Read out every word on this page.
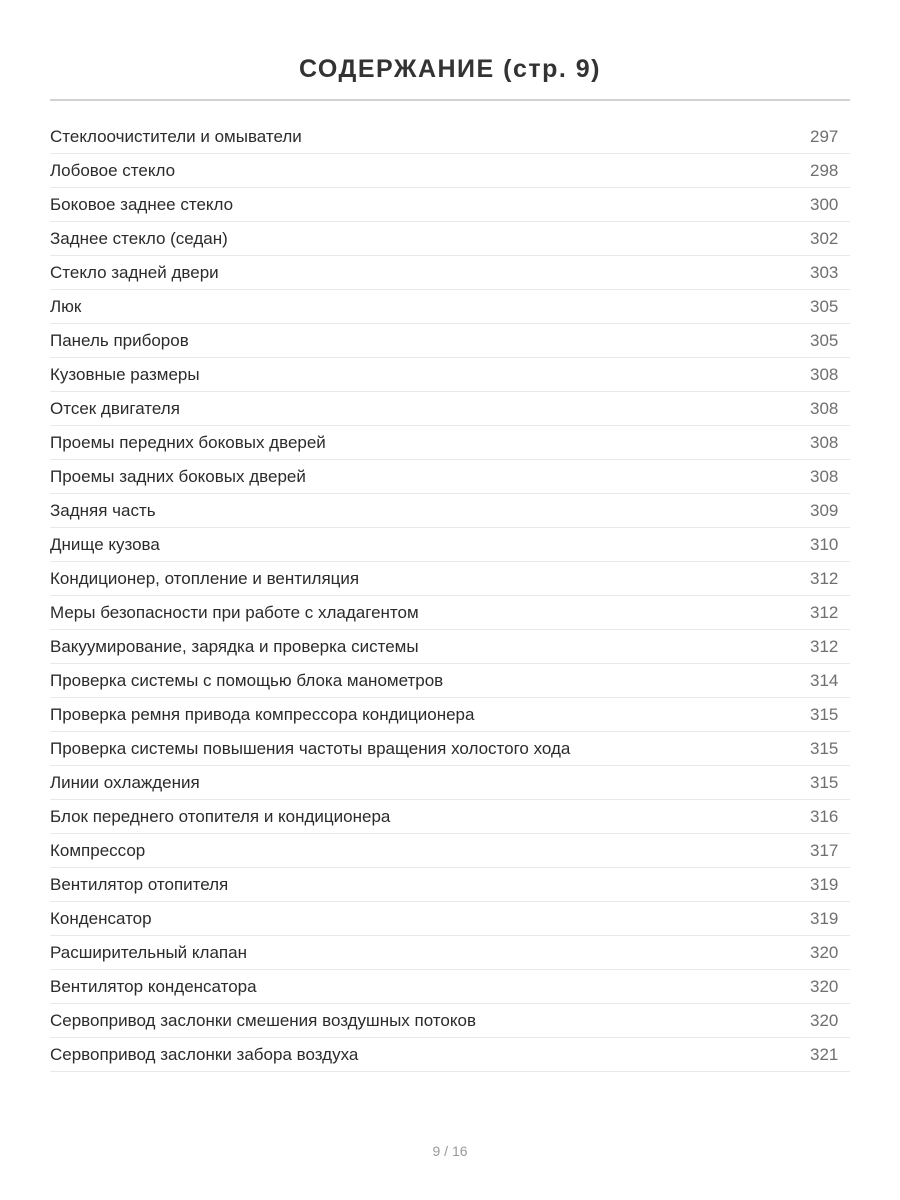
СОДЕРЖАНИЕ (стр. 9)
Стеклоочистители и омыватели	297
Лобовое стекло	298
Боковое заднее стекло	300
Заднее стекло (седан)	302
Стекло задней двери	303
Люк	305
Панель приборов	305
Кузовные размеры	308
Отсек двигателя	308
Проемы передних боковых дверей	308
Проемы задних боковых дверей	308
Задняя часть	309
Днище кузова	310
Кондиционер, отопление и вентиляция	312
Меры безопасности при работе с хладагентом	312
Вакуумирование, зарядка и проверка системы	312
Проверка системы с помощью блока манометров	314
Проверка ремня привода компрессора кондиционера	315
Проверка системы повышения частоты вращения холостого хода	315
Линии охлаждения	315
Блок переднего отопителя и кондиционера	316
Компрессор	317
Вентилятор отопителя	319
Конденсатор	319
Расширительный клапан	320
Вентилятор конденсатора	320
Сервопривод заслонки смешения воздушных потоков	320
Сервопривод заслонки забора воздуха	321
9 / 16
